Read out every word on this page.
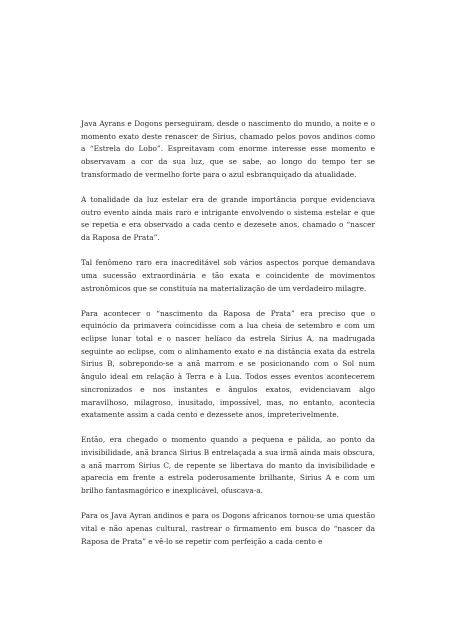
Java Ayrans e Dogons perseguiram, desde o nascimento do mundo, a noite e o momento exato deste renascer de Sirius, chamado pelos povos andinos como a “Estrela do Lobo”. Espreitavam com enorme interesse esse momento e observavam a cor da sua luz, que se sabe, ao longo do tempo ter se transformado de vermelho forte para o azul esbranquiçado da atualidade.

A tonalidade da luz estelar era de grande importância porque evidenciava outro evento ainda mais raro e intrigante envolvendo o sistema estelar e que se repetia e era observado a cada cento e dezesete anos, chamado o “nascer da Raposa de Prata”.

Tal fenômeno raro era inacreditável sob vários aspectos porque demandava uma sucessão extraordinária e tão exata e coincidente de movimentos astronômicos que se constituía na materialização de um verdadeiro milagre.

Para acontecer o “nascimento da Raposa de Prata” era preciso que o equinócio da primavera coincidisse com a lua cheia de setembro e com um eclipse lunar total e o nascer helíaco da estrela Sirius A, na madrugada seguinte ao eclipse, com o alinhamento exato e na distância exata da estrela Sirius B, sobrepondo-se a anã marrom e se posicionando com o Sol num ângulo ideal em relação à Terra e à Lua. Todos esses eventos acontecerem sincronizados e nos instantes e ângulos exatos, evidenciavam algo maravilhoso, milagroso, inusitado, impossível, mas, no entanto, acontecia exatamente assim a cada cento e dezessete anos, impreterivelmente.

Então, era chegado o momento quando a pequena e pálida, ao ponto da invisibilidade, anã branca Sirius B entrelaçada a sua irmã ainda mais obscura, a anã marrom Sirius C, de repente se libertava do manto da invisibilidade e aparecia em frente a estrela poderosamente brilhante, Sirius A e com um brilho fantasmagórico e inexplicável, ofuscava-a.

Para os Java Ayran andinos e para os Dogons africanos tornou-se uma questão vital e não apenas cultural, rastrear o firmamento em busca do “nascer da Raposa de Prata” e vê-lo se repetir com perfeição a cada cento e
